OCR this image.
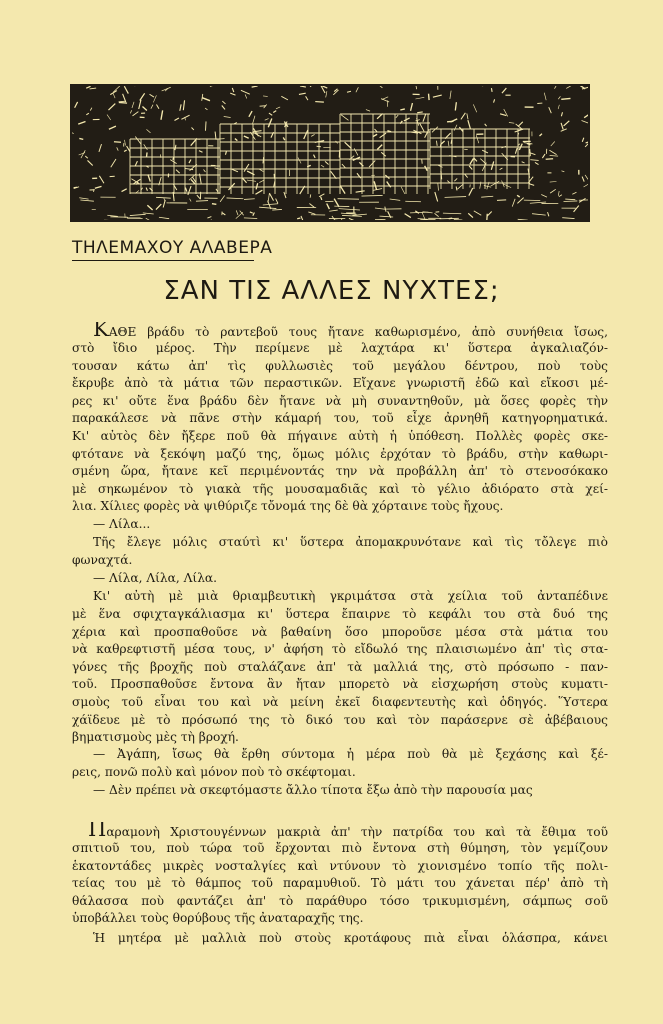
ΤΗΛΕΜΑΧΟΥ ΑΛΑΒΕΡΑ
ΣΑΝ ΤΙΣ ΑΛΛΕΣ ΝΥΧΤΕΣ;
ΚΑΘΕ βράδυ τὸ ραντεβοῦ τους ἤτανε καθωρισμένο, ἀπὸ συνήθεια ἴσως,
στὸ ἴδιο μέρος. Τὴν περίμενε μὲ λαχτάρα κι' ὕστερα ἀγκαλιαζόν-
τουσαν κάτω ἀπ' τὶς φυλλωσιὲς τοῦ μεγάλου δέντρου, ποὺ τοὺς
ἔκρυβε ἀπὸ τὰ μάτια τῶν περαστικῶν. Εἴχανε γνωριστῆ ἐδῶ καὶ εἴκοσι μέ-
ρες κι' οὔτε ἕνα βράδυ δὲν ἤτανε νὰ μὴ συναντηθοῦν, μὰ ὅσες φορὲς τὴν
παρακάλεσε νὰ πᾶνε στὴν κάμαρή του, τοῦ εἶχε ἀρνηθῆ κατηγορηματικά.
Κι' αὐτὸς δὲν ἤξερε ποῦ θὰ πήγαινε αὐτὴ ἡ ὑπόθεση. Πολλὲς φορὲς σκε-
φτότανε νὰ ξεκόψη μαζύ της, ὅμως μόλις ἐρχόταν τὸ βράδυ, στὴν καθωρι-
σμένη ὥρα, ἤτανε κεῖ περιμένοντάς την νὰ προβάλλη ἀπ' τὸ στενοσόκακο
μὲ σηκωμένον τὸ γιακὰ τῆς μουσαμαδιᾶς καὶ τὸ γέλιο ἀδιόρατο στὰ χεί-
λια. Χίλιες φορὲς νὰ ψιθύριζε τὄνομά της δὲ θὰ χόρταινε τοὺς ἤχους.
— Λίλα...
Τῆς ἔλεγε μόλις σταύτὶ κι' ὕστερα ἀπομακρυνότανε καὶ τὶς τὄλεγε πιὸ
φωναχτά.
— Λίλα, Λίλα, Λίλα.
Κι' αὐτὴ μὲ μιὰ θριαμβευτικὴ γκριμάτσα στὰ χείλια τοῦ ἀνταπέδινε
μὲ ἕνα σφιχταγκάλιασμα κι' ὕστερα ἔπαιρνε τὸ κεφάλι του στὰ δυό της
χέρια καὶ προσπαθοῦσε νὰ βαθαίνη ὅσο μποροῦσε μέσα στὰ μάτια του
νὰ καθρεφτιστῆ μέσα τους, ν' ἀφήση τὸ εἴδωλό της πλαισιωμένο ἀπ' τὶς στα-
γόνες τῆς βροχῆς ποὺ σταλάζανε ἀπ' τὰ μαλλιά της, στὸ πρόσωπο - παν-
τοῦ. Προσπαθοῦσε ἔντονα ἂν ἤταν μπορετὸ νὰ εἰσχωρήση στοὺς κυματι-
σμοὺς τοῦ εἶναι του καὶ νὰ μείνη ἐκεῖ διαφεντευτὴς καὶ ὁδηγός. Ὕστερα
χάϊδευε μὲ τὸ πρόσωπό της τὸ δικό του καὶ τὸν παράσερνε σὲ ἀβέβαιους
βηματισμοὺς μὲς τὴ βροχή.
— Ἀγάπη, ἴσως θὰ ἔρθη σύντομα ἡ μέρα ποὺ θὰ μὲ ξεχάσης καὶ ξέ-
ρεις, πονῶ πολὺ καὶ μόνον ποὺ τὸ σκέφτομαι.
— Δὲν πρέπει νὰ σκεφτόμαστε ἄλλο τίποτα ἔξω ἀπὸ τὴν παρουσία μας
Παραμονὴ Χριστουγέννων μακριὰ ἀπ' τὴν πατρίδα του καὶ τὰ ἔθιμα τοῦ
σπιτιοῦ του, ποὺ τώρα τοῦ ἔρχονται πιὸ ἔντονα στὴ θύμηση, τὸν γεμίζουν
ἑκατοντάδες μικρὲς νοσταλγίες καὶ ντύνουν τὸ χιονισμένο τοπίο τῆς πολι-
τείας του μὲ τὸ θάμπος τοῦ παραμυθιοῦ. Τὸ μάτι του χάνεται πέρ' ἀπὸ τὴ
θάλασσα ποὺ φαντάζει ἀπ' τὸ παράθυρο τόσο τρικυμισμένη, σάμπως σοῦ
ὑποβάλλει τοὺς θορύβους τῆς ἀναταραχῆς της.
Ἡ μητέρα μὲ μαλλιὰ ποὺ στοὺς κροτάφους πιὰ εἶναι ὁλάσπρα, κάνει
